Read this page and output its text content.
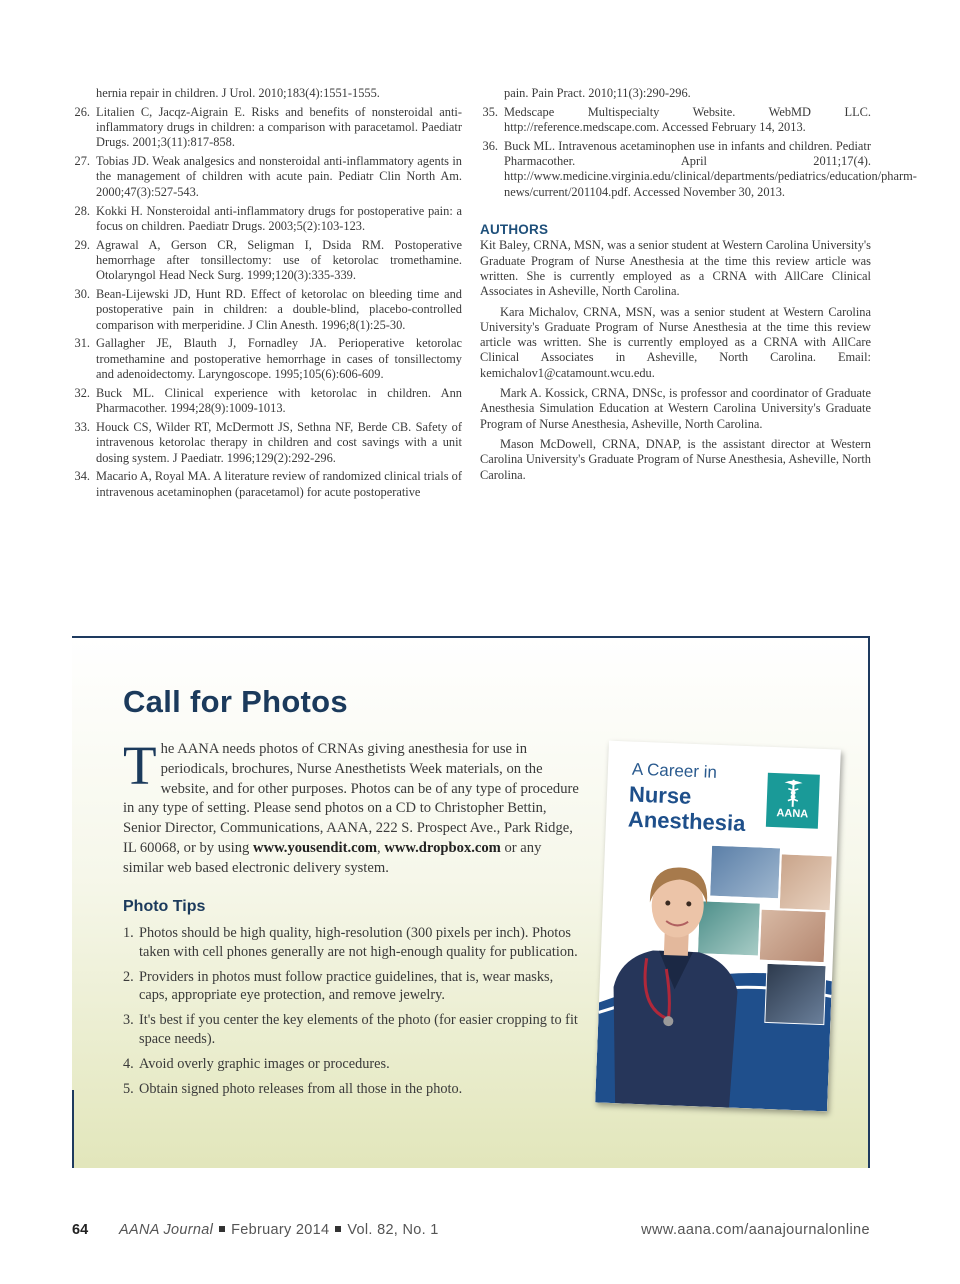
hernia repair in children. J Urol. 2010;183(4):1551-1555.
26. Litalien C, Jacqz-Aigrain E. Risks and benefits of nonsteroidal anti-inflammatory drugs in children: a comparison with paracetamol. Paediatr Drugs. 2001;3(11):817-858.
27. Tobias JD. Weak analgesics and nonsteroidal anti-inflammatory agents in the management of children with acute pain. Pediatr Clin North Am. 2000;47(3):527-543.
28. Kokki H. Nonsteroidal anti-inflammatory drugs for postoperative pain: a focus on children. Paediatr Drugs. 2003;5(2):103-123.
29. Agrawal A, Gerson CR, Seligman I, Dsida RM. Postoperative hemorrhage after tonsillectomy: use of ketorolac tromethamine. Otolaryngol Head Neck Surg. 1999;120(3):335-339.
30. Bean-Lijewski JD, Hunt RD. Effect of ketorolac on bleeding time and postoperative pain in children: a double-blind, placebo-controlled comparison with merperidine. J Clin Anesth. 1996;8(1):25-30.
31. Gallagher JE, Blauth J, Fornadley JA. Perioperative ketorolac tromethamine and postoperative hemorrhage in cases of tonsillectomy and adenoidectomy. Laryngoscope. 1995;105(6):606-609.
32. Buck ML. Clinical experience with ketorolac in children. Ann Pharmacother. 1994;28(9):1009-1013.
33. Houck CS, Wilder RT, McDermott JS, Sethna NF, Berde CB. Safety of intravenous ketorolac therapy in children and cost savings with a unit dosing system. J Paediatr. 1996;129(2):292-296.
34. Macario A, Royal MA. A literature review of randomized clinical trials of intravenous acetaminophen (paracetamol) for acute postoperative
pain. Pain Pract. 2010;11(3):290-296.
35. Medscape Multispecialty Website. WebMD LLC. http://reference.medscape.com. Accessed February 14, 2013.
36. Buck ML. Intravenous acetaminophen use in infants and children. Pediatr Pharmacother. April 2011;17(4). http://www.medicine.virginia.edu/clinical/departments/pediatrics/education/pharm-news/current/201104.pdf. Accessed November 30, 2013.
AUTHORS

Kit Baley, CRNA, MSN, was a senior student at Western Carolina University's Graduate Program of Nurse Anesthesia at the time this review article was written. She is currently employed as a CRNA with AllCare Clinical Associates in Asheville, North Carolina.

Kara Michalov, CRNA, MSN, was a senior student at Western Carolina University's Graduate Program of Nurse Anesthesia at the time this review article was written. She is currently employed as a CRNA with AllCare Clinical Associates in Asheville, North Carolina. Email: kemichalov1@catamount.wcu.edu.

Mark A. Kossick, CRNA, DNSc, is professor and coordinator of Graduate Anesthesia Simulation Education at Western Carolina University's Graduate Program of Nurse Anesthesia, Asheville, North Carolina.

Mason McDowell, CRNA, DNAP, is the assistant director at Western Carolina University's Graduate Program of Nurse Anesthesia, Asheville, North Carolina.

Call for Photos
The AANA needs photos of CRNAs giving anesthesia for use in periodicals, brochures, Nurse Anesthetists Week materials, on the website, and for other purposes. Photos can be of any type of procedure in any type of setting. Please send photos on a CD to Christopher Bettin, Senior Director, Communications, AANA, 222 S. Prospect Ave., Park Ridge, IL 60068, or by using www.yousendit.com, www.dropbox.com or any similar web based electronic delivery system.
Photo Tips
1. Photos should be high quality, high-resolution (300 pixels per inch). Photos taken with cell phones generally are not high-enough quality for publication.
2. Providers in photos must follow practice guidelines, that is, wear masks, caps, appropriate eye protection, and remove jewelry.
3. It's best if you center the key elements of the photo (for easier cropping to fit space needs).
4. Avoid overly graphic images or procedures.
5. Obtain signed photo releases from all those in the photo.
A Career in
Nurse
Anesthesia	AANA
64 AANA Journal February 2014 Vol. 82, No. 1	www.aana.com/aanajournalonline
